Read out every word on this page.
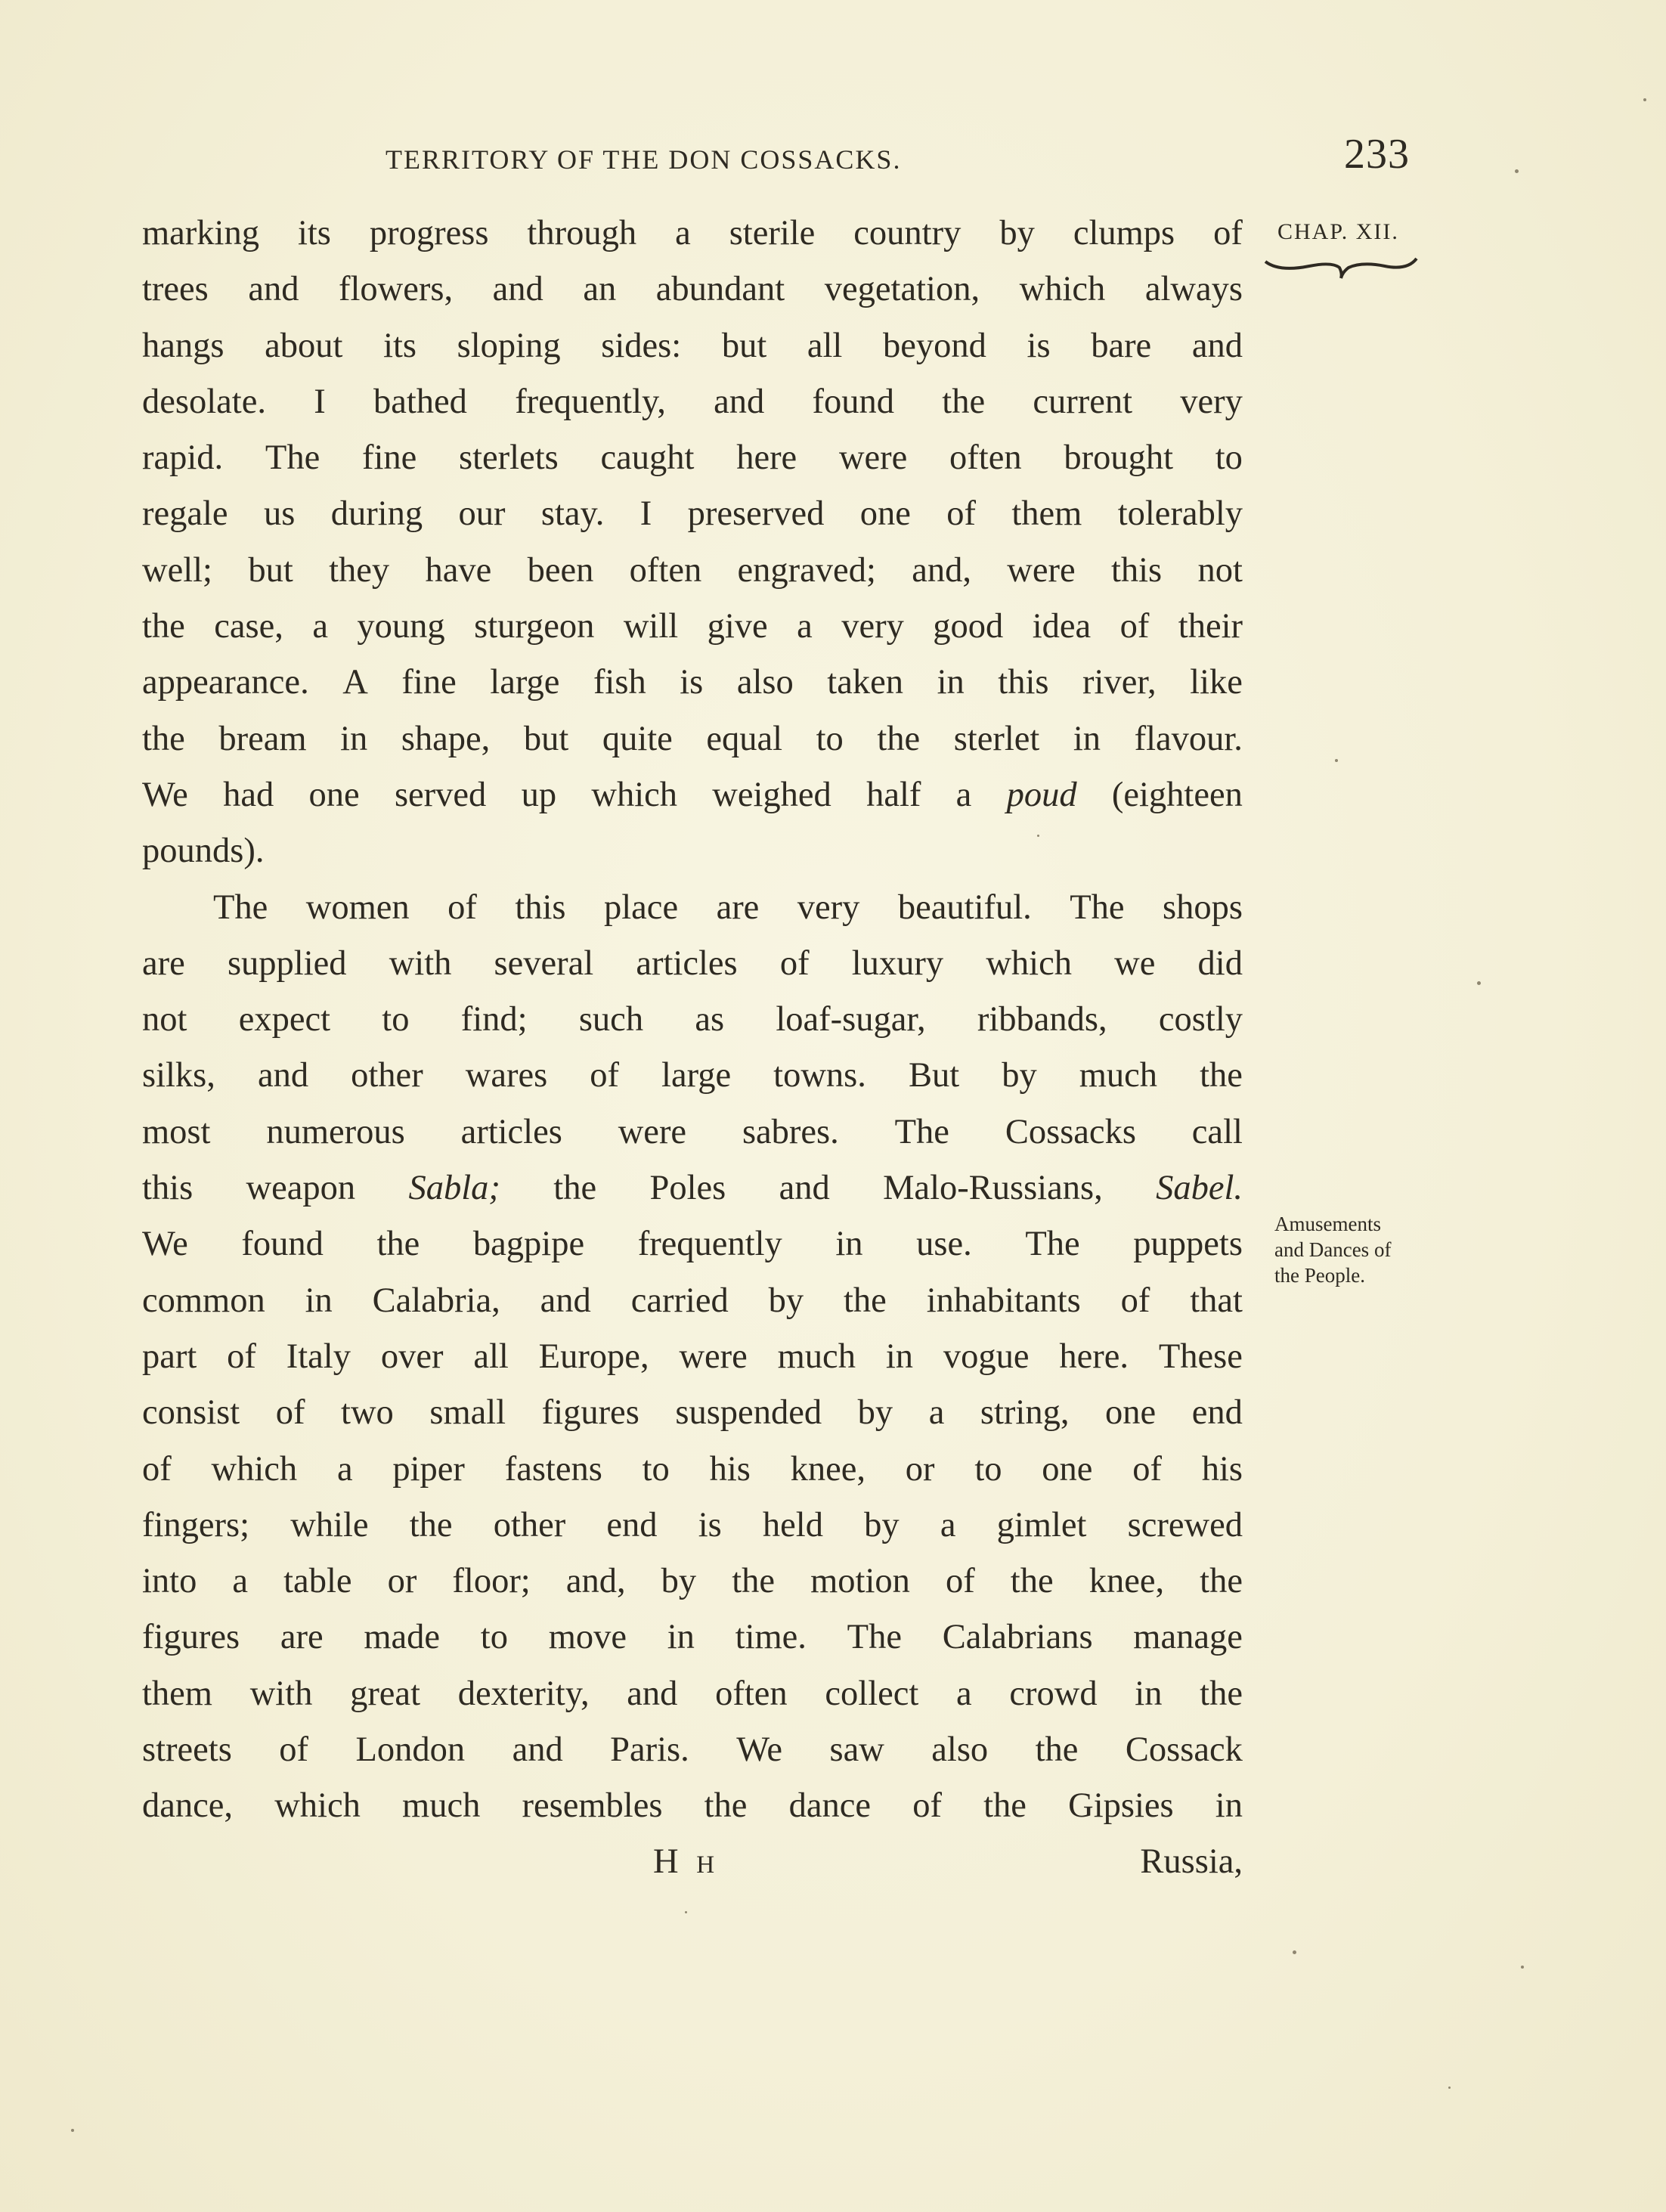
TERRITORY OF THE DON COSSACKS.	233
CHAP. XII.
marking its progress through a sterile country by clumps of
trees and flowers, and an abundant vegetation, which always
hangs about its sloping sides: but all beyond is bare and
desolate. I bathed frequently, and found the current very
rapid. The fine sterlets caught here were often brought to
regale us during our stay. I preserved one of them tolerably
well; but they have been often engraved; and, were this not
the case, a young sturgeon will give a very good idea of their
appearance. A fine large fish is also taken in this river, like
the bream in shape, but quite equal to the sterlet in flavour.
We had one served up which weighed half a poud (eighteen
pounds).
The women of this place are very beautiful. The shops
are supplied with several articles of luxury which we did
not expect to find; such as loaf-sugar, ribbands, costly
silks, and other wares of large towns. But by much the
most numerous articles were sabres. The Cossacks call
this weapon Sabla; the Poles and Malo-Russians, Sabel.
We found the bagpipe frequently in use. The puppets
common in Calabria, and carried by the inhabitants of that
part of Italy over all Europe, were much in vogue here. These
consist of two small figures suspended by a string, one end
of which a piper fastens to his knee, or to one of his
fingers; while the other end is held by a gimlet screwed
into a table or floor; and, by the motion of the knee, the
figures are made to move in time. The Calabrians manage
them with great dexterity, and often collect a crowd in the
streets of London and Paris. We saw also the Cossack
dance, which much resembles the dance of the Gipsies in
Amusements
and Dances of
the People.
H h	Russia,
